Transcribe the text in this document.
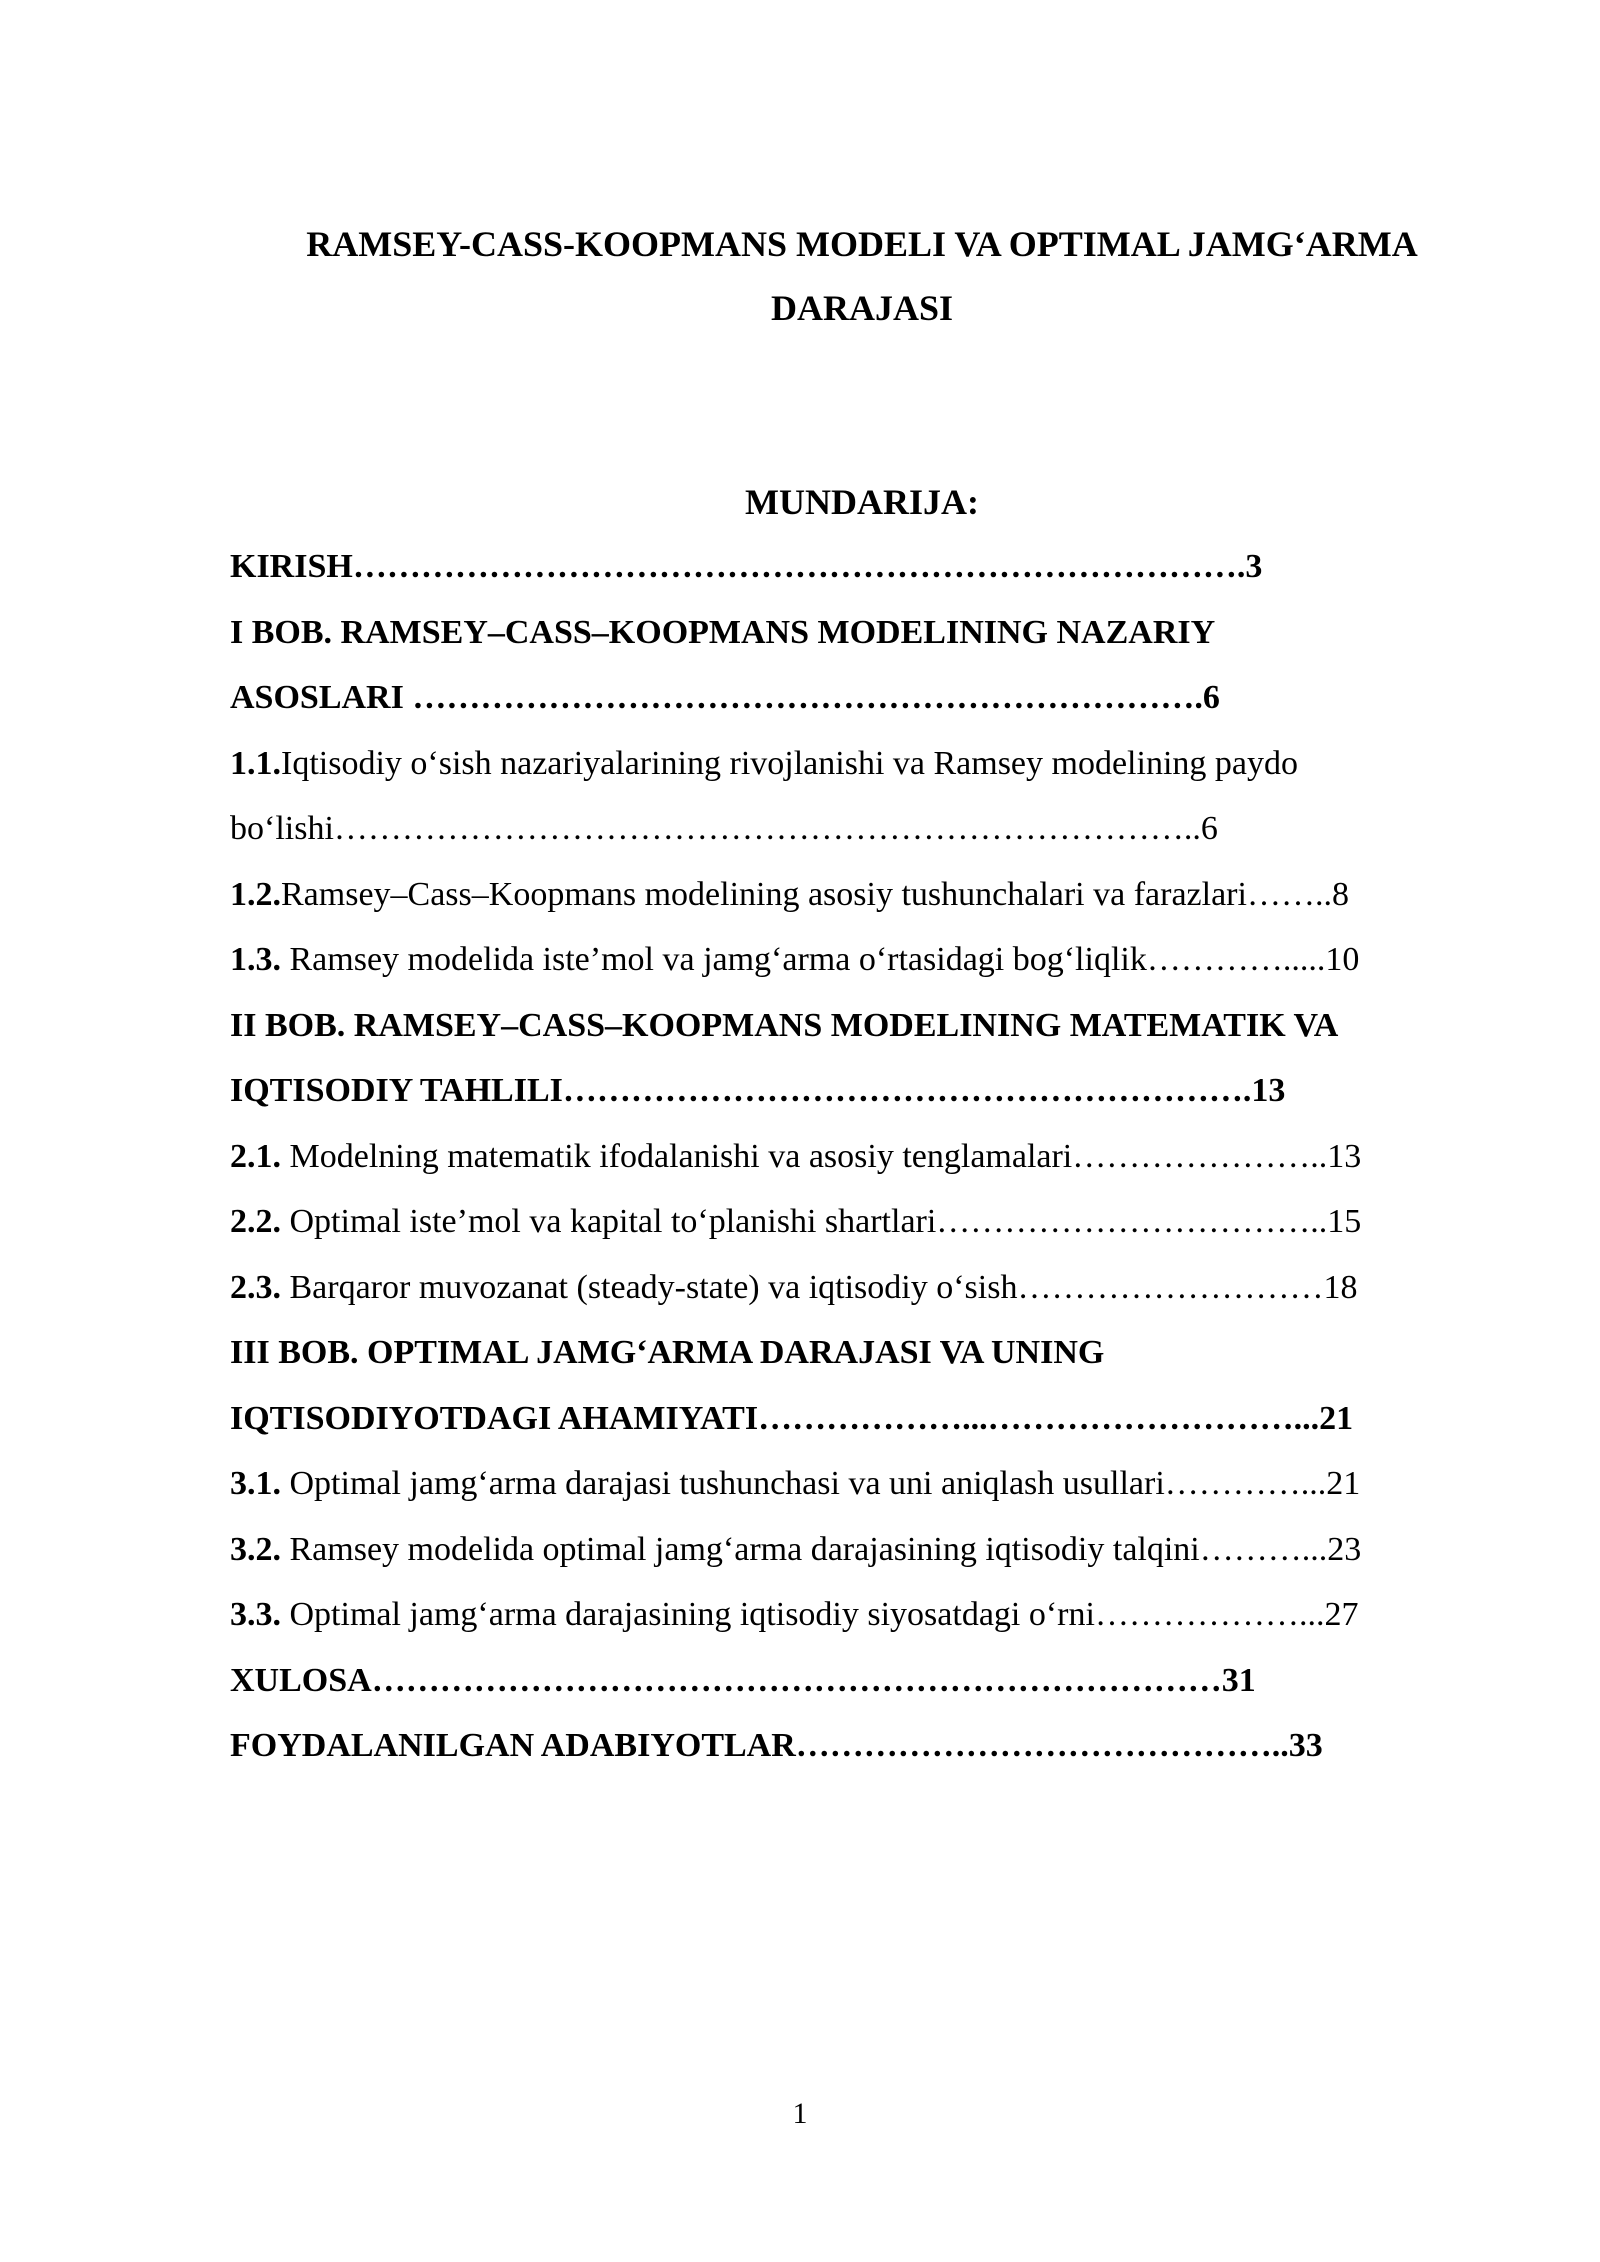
RAMSEY-CASS-KOOPMANS MODELI VA OPTIMAL JAMG‘ARMA
DARAJASI
MUNDARIJA:
KIRISH…………………………………………………………………….3
I BOB. RAMSEY–CASS–KOOPMANS MODELINING NAZARIY
ASOSLARI …………………………………………………………….6
1.1.Iqtisodiy o‘sish nazariyalarining rivojlanishi va Ramsey modelining paydo
bo‘lishi…………………………………………………………………..6
1.2.Ramsey–Cass–Koopmans modelining asosiy tushunchalari va farazlari……..8
1.3. Ramsey modelida iste’mol va jamg‘arma o‘rtasidagi bog‘liqlik………….....10
II BOB. RAMSEY–CASS–KOOPMANS MODELINING MATEMATIK VA
IQTISODIY TAHLILI…………………………………………………….13
2.1. Modelning matematik ifodalanishi va asosiy tenglamalari…………………..13
2.2. Optimal iste’mol va kapital to‘planishi shartlari……………………………..15
2.3. Barqaror muvozanat (steady-state) va iqtisodiy o‘sish………………………18
III BOB. OPTIMAL JAMG‘ARMA DARAJASI VA UNING
IQTISODIYOTDAGI AHAMIYATI………………...………………………...21
3.1. Optimal jamg‘arma darajasi tushunchasi va uni aniqlash usullari…………...21
3.2. Ramsey modelida optimal jamg‘arma darajasining iqtisodiy talqini………...23
3.3. Optimal jamg‘arma darajasining iqtisodiy siyosatdagi o‘rni………………...27
XULOSA…………………………………………………………………31
FOYDALANILGAN ADABIYOTLAR……………………………………..33
1
